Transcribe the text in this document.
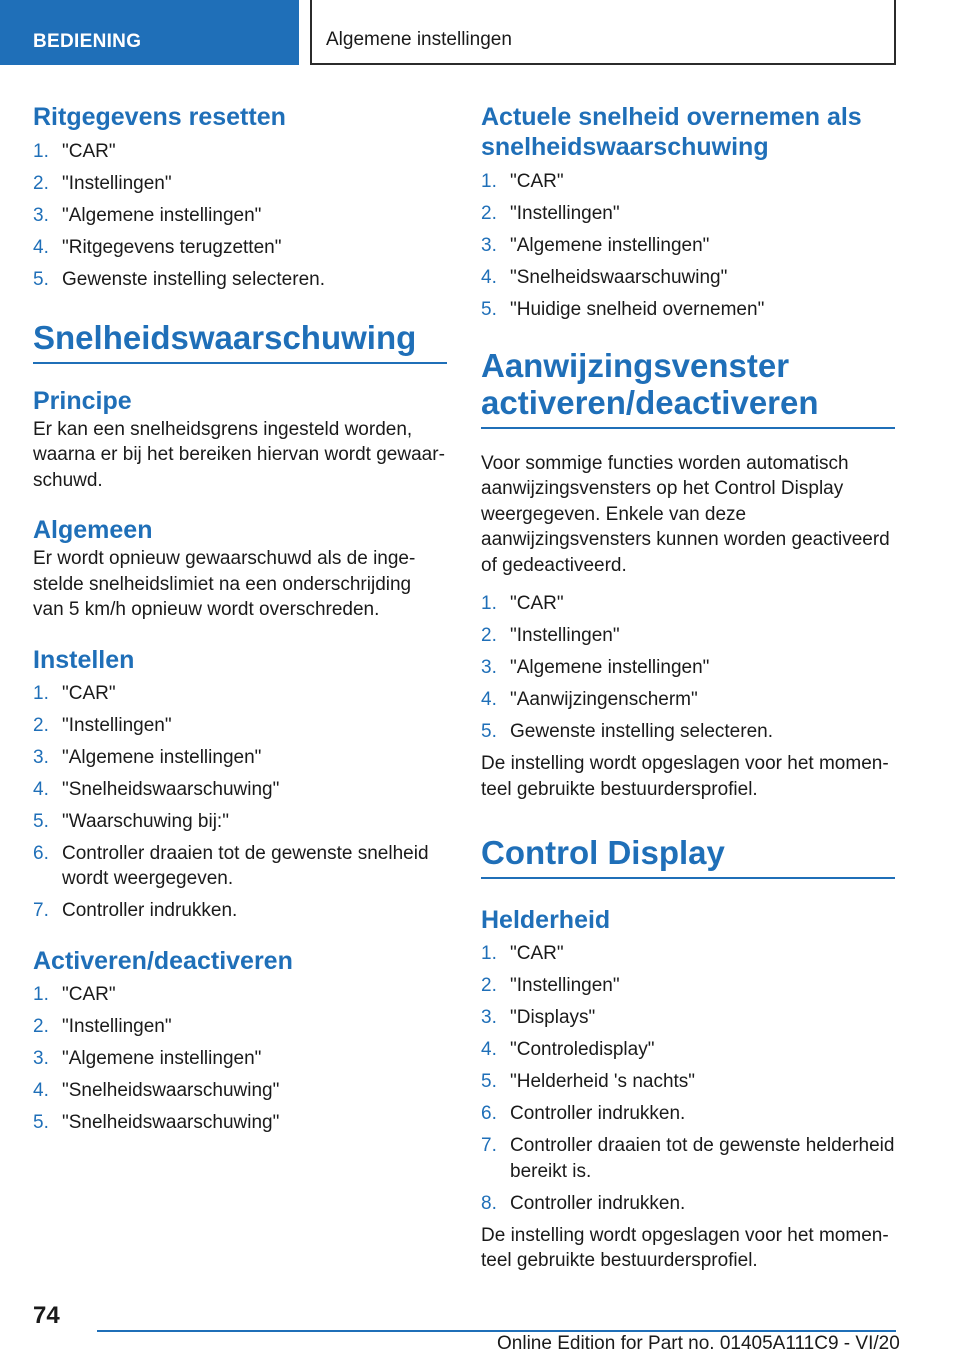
BEDIENING	Algemene instellingen
Ritgegevens resetten
1. "CAR"
2. "Instellingen"
3. "Algemene instellingen"
4. "Ritgegevens terugzetten"
5. Gewenste instelling selecteren.
Snelheidswaarschuwing
Principe

Er kan een snelheidsgrens ingesteld worden, waarna er bij het bereiken hiervan wordt gewaarschuwd.

Algemeen

Er wordt opnieuw gewaarschuwd als de ingestelde snelheidslimiet na een onderschrijding van 5 km/h opnieuw wordt overschreden.

Instellen
1. "CAR"
2. "Instellingen"
3. "Algemene instellingen"
4. "Snelheidswaarschuwing"
5. "Waarschuwing bij:"
6. Controller draaien tot de gewenste snelheid wordt weergegeven.
7. Controller indrukken.
Activeren/deactiveren
1. "CAR"
2. "Instellingen"
3. "Algemene instellingen"
4. "Snelheidswaarschuwing"
5. "Snelheidswaarschuwing"
Actuele snelheid overnemen als snelheidswaarschuwing
1. "CAR"
2. "Instellingen"
3. "Algemene instellingen"
4. "Snelheidswaarschuwing"
5. "Huidige snelheid overnemen"
Aanwijzingsvenster activeren/deactiveren

Voor sommige functies worden automatisch aanwijzingsvensters op het Control Display weergegeven. Enkele van deze aanwijzingsvensters kunnen worden geactiveerd of gedeactiveerd.

1. "CAR"
2. "Instellingen"
3. "Algemene instellingen"
4. "Aanwijzingenscherm"
5. Gewenste instelling selecteren.

De instelling wordt opgeslagen voor het momenteel gebruikte bestuurdersprofiel.

Control Display
Helderheid
1. "CAR"
2. "Instellingen"
3. "Displays"
4. "Controledisplay"
5. "Helderheid 's nachts"
6. Controller indrukken.
7. Controller draaien tot de gewenste helderheid bereikt is.
8. Controller indrukken.

De instelling wordt opgeslagen voor het momenteel gebruikte bestuurdersprofiel.

74
Online Edition for Part no. 01405A111C9 - VI/20
